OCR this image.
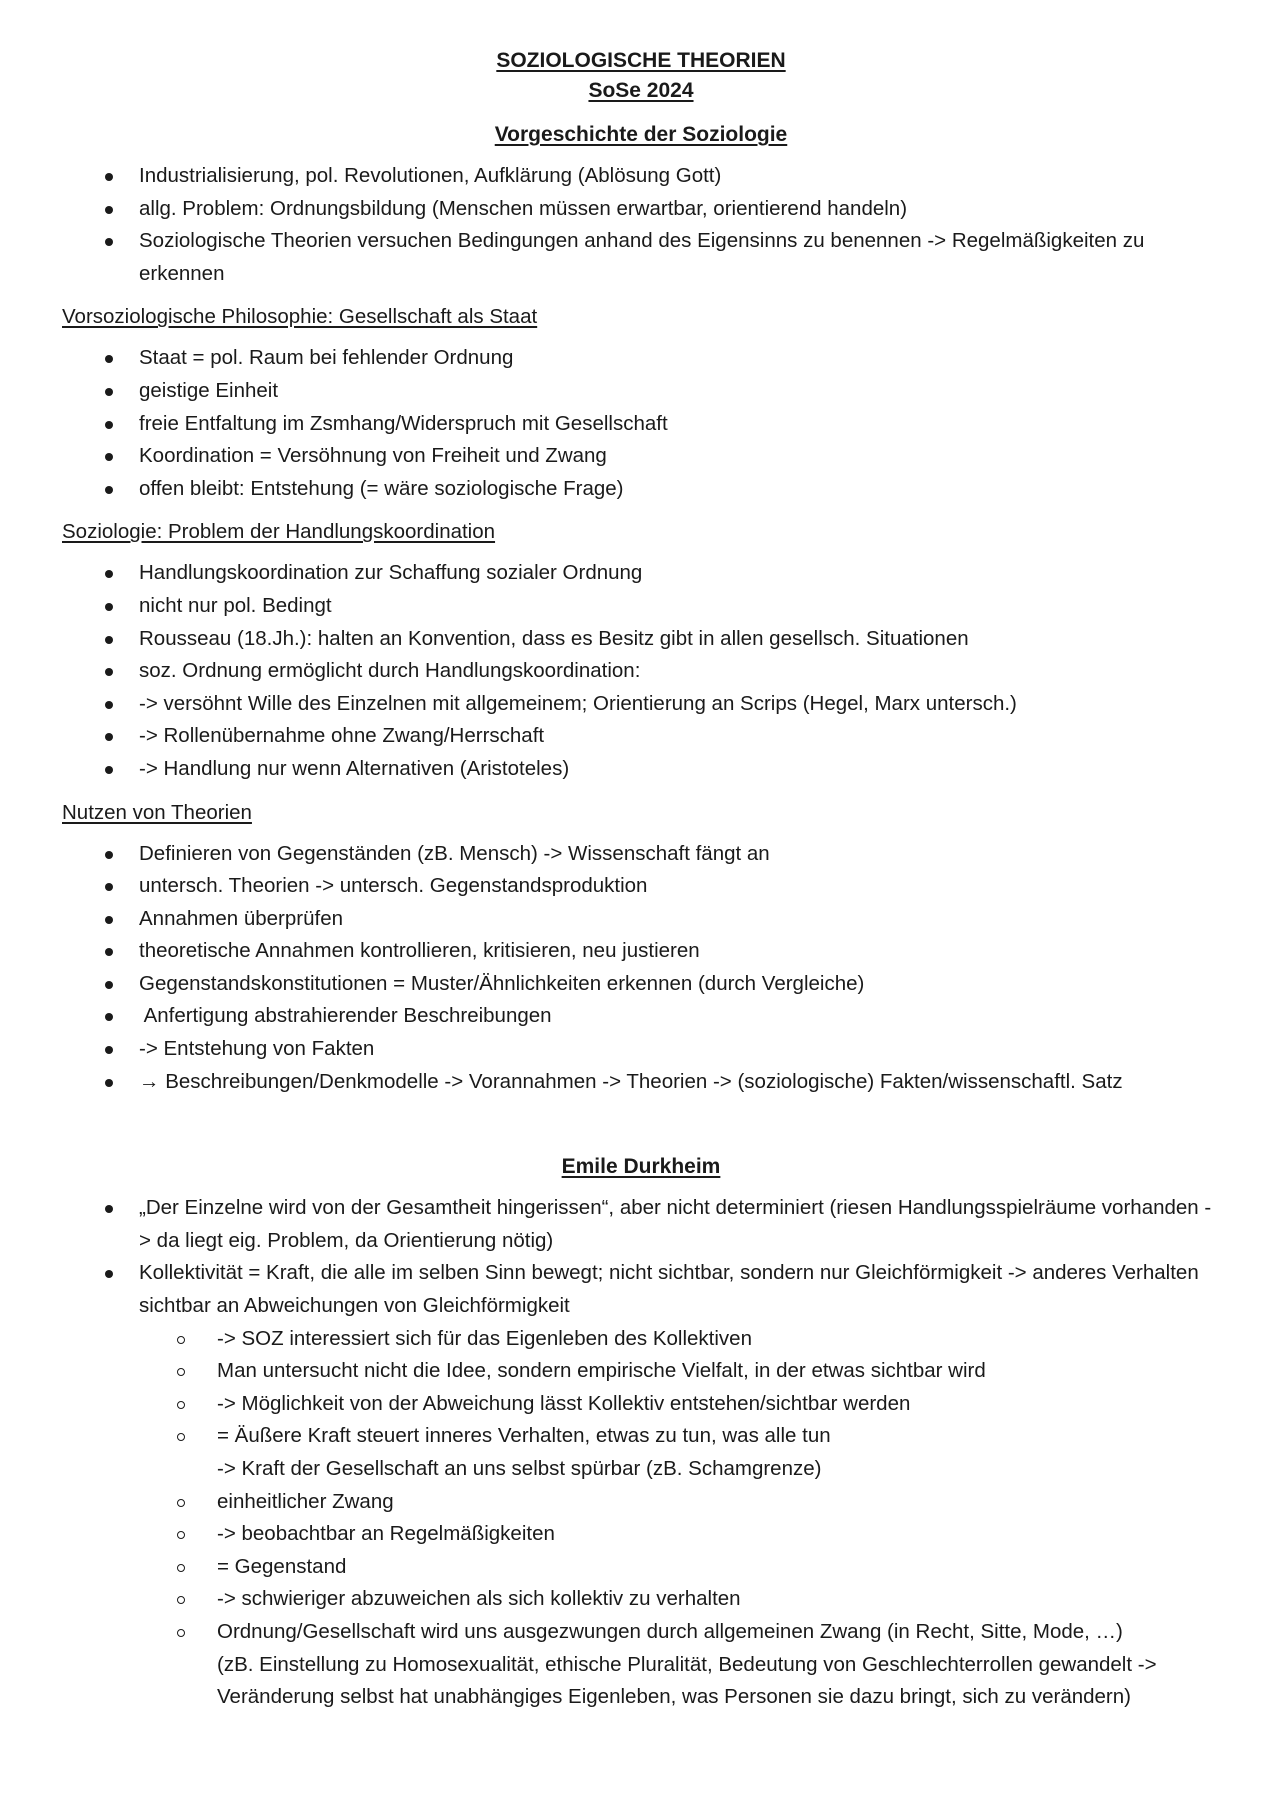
SOZIOLOGISCHE THEORIEN
SoSe 2024
Vorgeschichte der Soziologie
Industrialisierung, pol. Revolutionen, Aufklärung (Ablösung Gott)
allg. Problem: Ordnungsbildung (Menschen müssen erwartbar, orientierend handeln)
Soziologische Theorien versuchen Bedingungen anhand des Eigensinns zu benennen -> Regelmäßigkeiten zu erkennen
Vorsoziologische Philosophie: Gesellschaft als Staat
Staat = pol. Raum bei fehlender Ordnung
geistige Einheit
freie Entfaltung im Zsmhang/Widerspruch mit Gesellschaft
Koordination = Versöhnung von Freiheit und Zwang
offen bleibt: Entstehung (= wäre soziologische Frage)
Soziologie: Problem der Handlungskoordination
Handlungskoordination zur Schaffung sozialer Ordnung
nicht nur pol. Bedingt
Rousseau (18.Jh.): halten an Konvention, dass es Besitz gibt in allen gesellsch. Situationen
soz. Ordnung ermöglicht durch Handlungskoordination:
-> versöhnt Wille des Einzelnen mit allgemeinem; Orientierung an Scrips (Hegel, Marx untersch.)
-> Rollenübernahme ohne Zwang/Herrschaft
-> Handlung nur wenn Alternativen (Aristoteles)
Nutzen von Theorien
Definieren von Gegenständen (zB. Mensch) -> Wissenschaft fängt an
untersch. Theorien -> untersch. Gegenstandsproduktion
Annahmen überprüfen
theoretische Annahmen kontrollieren, kritisieren, neu justieren
Gegenstandskonstitutionen = Muster/Ähnlichkeiten erkennen (durch Vergleiche)
Anfertigung abstrahierender Beschreibungen
-> Entstehung von Fakten
→ Beschreibungen/Denkmodelle -> Vorannahmen -> Theorien -> (soziologische) Fakten/wissenschaftl. Satz
Emile Durkheim
„Der Einzelne wird von der Gesamtheit hingerissen“, aber nicht determiniert (riesen Handlungsspielräume vorhanden -> da liegt eig. Problem, da Orientierung nötig)
Kollektivität = Kraft, die alle im selben Sinn bewegt; nicht sichtbar, sondern nur Gleichförmigkeit -> anderes Verhalten sichtbar an Abweichungen von Gleichförmigkeit
-> SOZ interessiert sich für das Eigenleben des Kollektiven
Man untersucht nicht die Idee, sondern empirische Vielfalt, in der etwas sichtbar wird
-> Möglichkeit von der Abweichung lässt Kollektiv entstehen/sichtbar werden
= Äußere Kraft steuert inneres Verhalten, etwas zu tun, was alle tun
-> Kraft der Gesellschaft an uns selbst spürbar (zB. Schamgrenze)
einheitlicher Zwang
-> beobachtbar an Regelmäßigkeiten
= Gegenstand
-> schwieriger abzuweichen als sich kollektiv zu verhalten
Ordnung/Gesellschaft wird uns ausgezwungen durch allgemeinen Zwang (in Recht, Sitte, Mode, …)
(zB. Einstellung zu Homosexualität, ethische Pluralität, Bedeutung von Geschlechterrollen gewandelt -> Veränderung selbst hat unabhängiges Eigenleben, was Personen sie dazu bringt, sich zu verändern)
